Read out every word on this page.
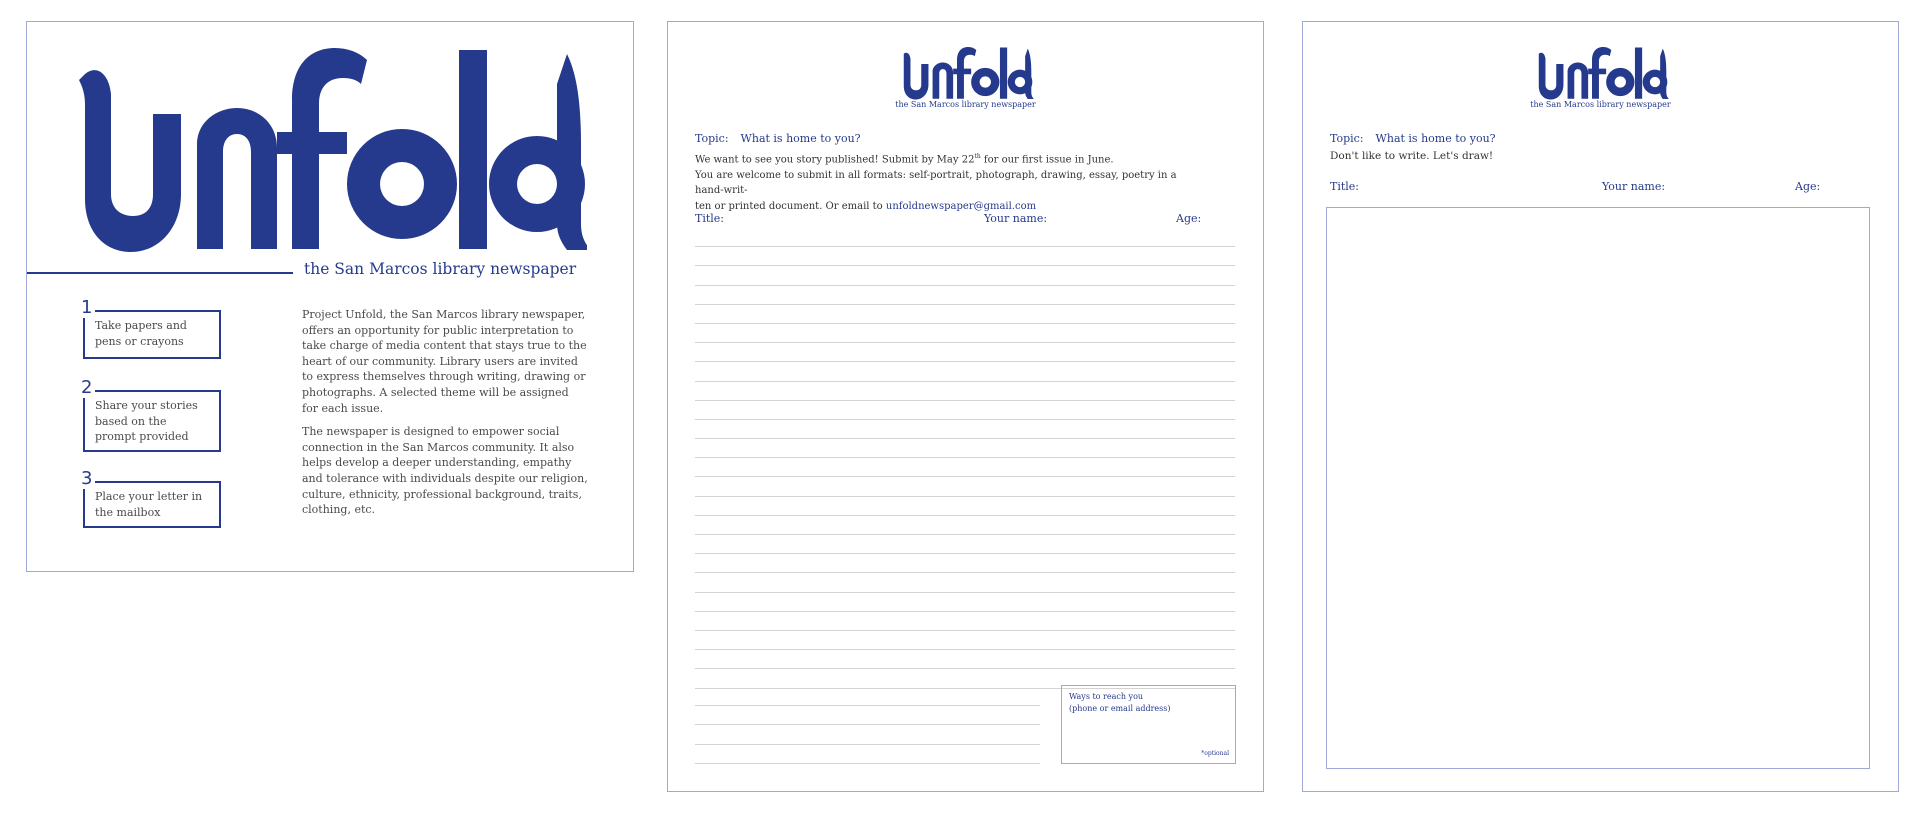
the San Marcos library newspaper
1
Take papers and pens or crayons
2
Share your stories based on the prompt provided
3
Place your letter in the mailbox

Project Unfold, the San Marcos library newspaper, offers an opportunity for public interpretation to take charge of media content that stays true to the heart of our community. Library users are invited to express themselves through writing, drawing or photographs. A selected theme will be assigned for each issue.

The newspaper is designed to empower social connection in the San Marcos community. It also helps develop a deeper understanding, empathy and tolerance with individuals despite our religion, culture, ethnicity, professional background, traits, clothing, etc.

the San Marcos library newspaper
Topic: What is home to you?
We want to see you story published! Submit by May 22th for our first issue in June.
You are welcome to submit in all formats: self-portrait, photograph, drawing, essay, poetry in a hand-writ-
ten or printed document. Or email to unfoldnewspaper@gmail.com
Title:	Your name:	Age:
Ways to reach you
(phone or email address)
*optional
the San Marcos library newspaper
Topic: What is home to you?
Don't like to write. Let's draw!
Title:	Your name:	Age:
